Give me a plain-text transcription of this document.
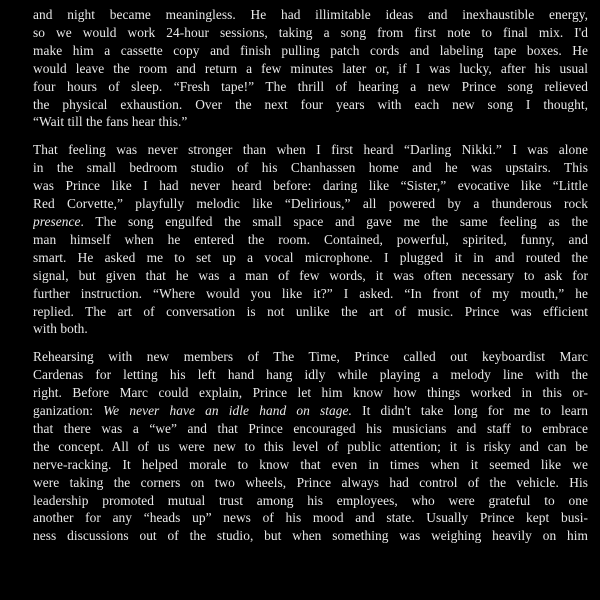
and night became meaningless. He had illimitable ideas and inexhaustible energy,
so we would work 24-hour sessions, taking a song from first note to final mix. I'd
make him a cassette copy and finish pulling patch cords and labeling tape boxes. He
would leave the room and return a few minutes later or, if I was lucky, after his usual
four hours of sleep. “Fresh tape!” The thrill of hearing a new Prince song relieved
the physical exhaustion. Over the next four years with each new song I thought,
“Wait till the fans hear this.”
That feeling was never stronger than when I first heard “Darling Nikki.” I was alone
in the small bedroom studio of his Chanhassen home and he was upstairs. This
was Prince like I had never heard before: daring like “Sister,” evocative like “Little
Red Corvette,” playfully melodic like “Delirious,” all powered by a thunderous rock
presence. The song engulfed the small space and gave me the same feeling as the
man himself when he entered the room. Contained, powerful, spirited, funny, and
smart. He asked me to set up a vocal microphone. I plugged it in and routed the
signal, but given that he was a man of few words, it was often necessary to ask for
further instruction. “Where would you like it?” I asked. “In front of my mouth,” he
replied. The art of conversation is not unlike the art of music. Prince was efficient
with both.
Rehearsing with new members of The Time, Prince called out keyboardist Marc
Cardenas for letting his left hand hang idly while playing a melody line with the
right. Before Marc could explain, Prince let him know how things worked in this or-
ganization: We never have an idle hand on stage. It didn't take long for me to learn
that there was a “we” and that Prince encouraged his musicians and staff to embrace
the concept. All of us were new to this level of public attention; it is risky and can be
nerve-racking. It helped morale to know that even in times when it seemed like we
were taking the corners on two wheels, Prince always had control of the vehicle. His
leadership promoted mutual trust among his employees, who were grateful to one
another for any “heads up” news of his mood and state. Usually Prince kept busi-
ness discussions out of the studio, but when something was weighing heavily on him
